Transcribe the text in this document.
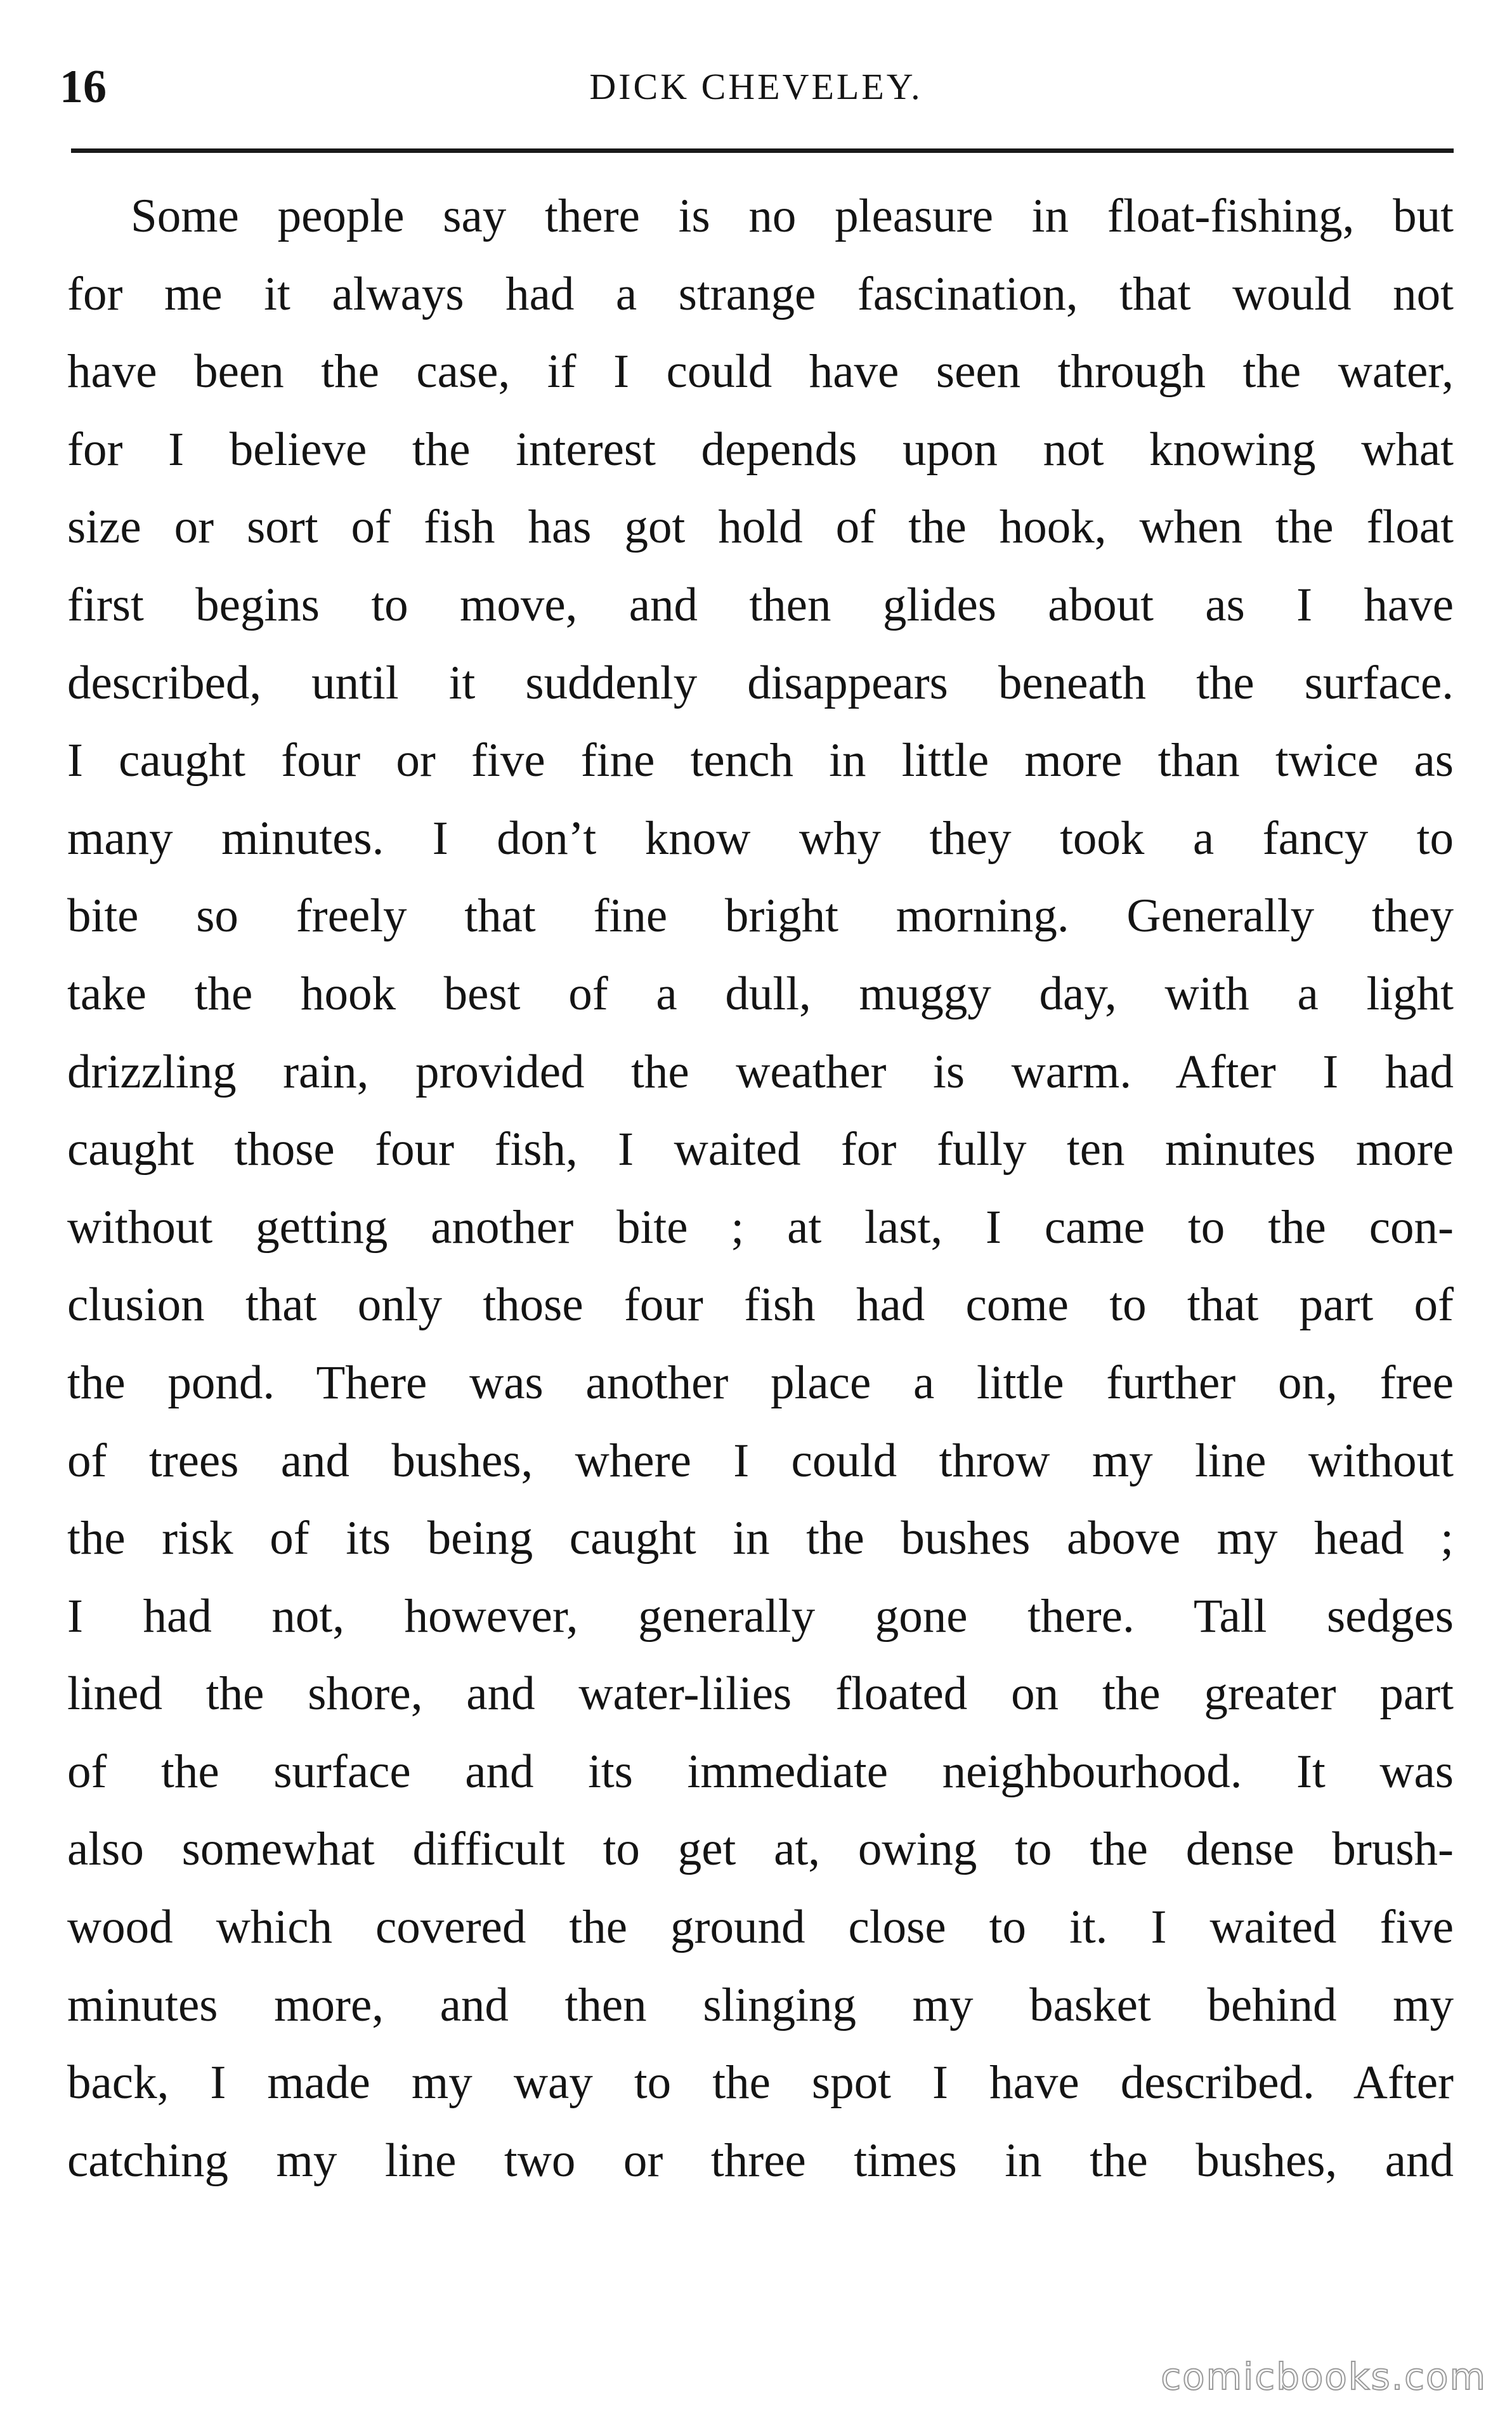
16	DICK CHEVELEY.
Some people say there is no pleasure in float-fishing, but
for me it always had a strange fascination, that would not
have been the case, if I could have seen through the water,
for I believe the interest depends upon not knowing what
size or sort of fish has got hold of the hook, when the float
first begins to move, and then glides about as I have
described, until it suddenly disappears beneath the surface.
I caught four or five fine tench in little more than twice as
many minutes. I don’t know why they took a fancy to
bite so freely that fine bright morning. Generally they
take the hook best of a dull, muggy day, with a light
drizzling rain, provided the weather is warm. After I had
caught those four fish, I waited for fully ten minutes more
without getting another bite ; at last, I came to the con-
clusion that only those four fish had come to that part of
the pond. There was another place a little further on, free
of trees and bushes, where I could throw my line without
the risk of its being caught in the bushes above my head ;
I had not, however, generally gone there. Tall sedges
lined the shore, and water-lilies floated on the greater part
of the surface and its immediate neighbourhood. It was
also somewhat difficult to get at, owing to the dense brush-
wood which covered the ground close to it. I waited five
minutes more, and then slinging my basket behind my
back, I made my way to the spot I have described. After
catching my line two or three times in the bushes, and
comicbooks.com
